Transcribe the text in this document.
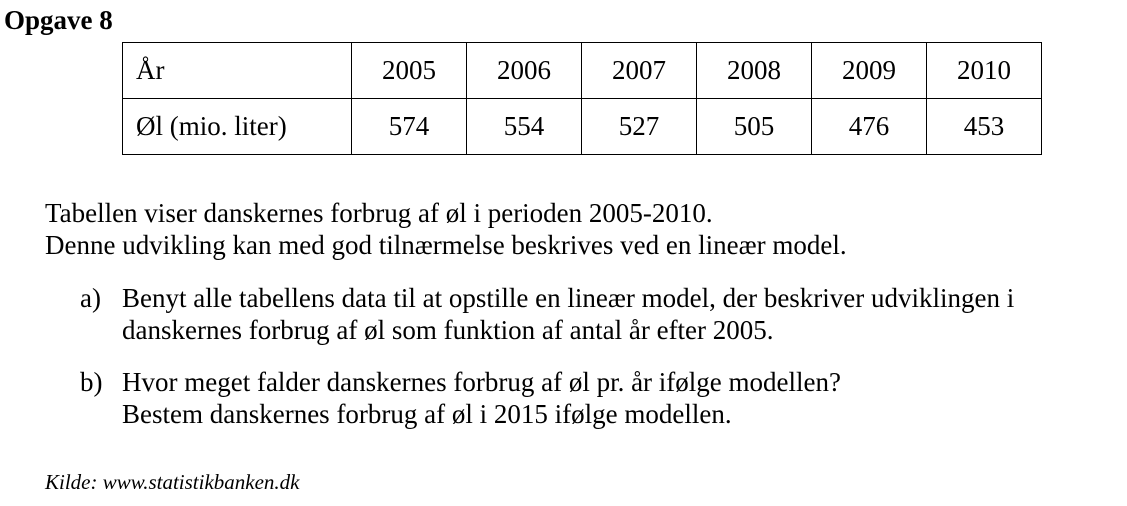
Opgave 8
År	2005	2006	2007	2008	2009	2010
Øl (mio. liter)	574	554	527	505	476	453
Tabellen viser danskernes forbrug af øl i perioden 2005-2010.
Denne udvikling kan med god tilnærmelse beskrives ved en lineær model.
a) Benyt alle tabellens data til at opstille en lineær model, der beskriver udviklingen i
danskernes forbrug af øl som funktion af antal år efter 2005.
b) Hvor meget falder danskernes forbrug af øl pr. år ifølge modellen?
Bestem danskernes forbrug af øl i 2015 ifølge modellen.
Kilde: www.statistikbanken.dk
